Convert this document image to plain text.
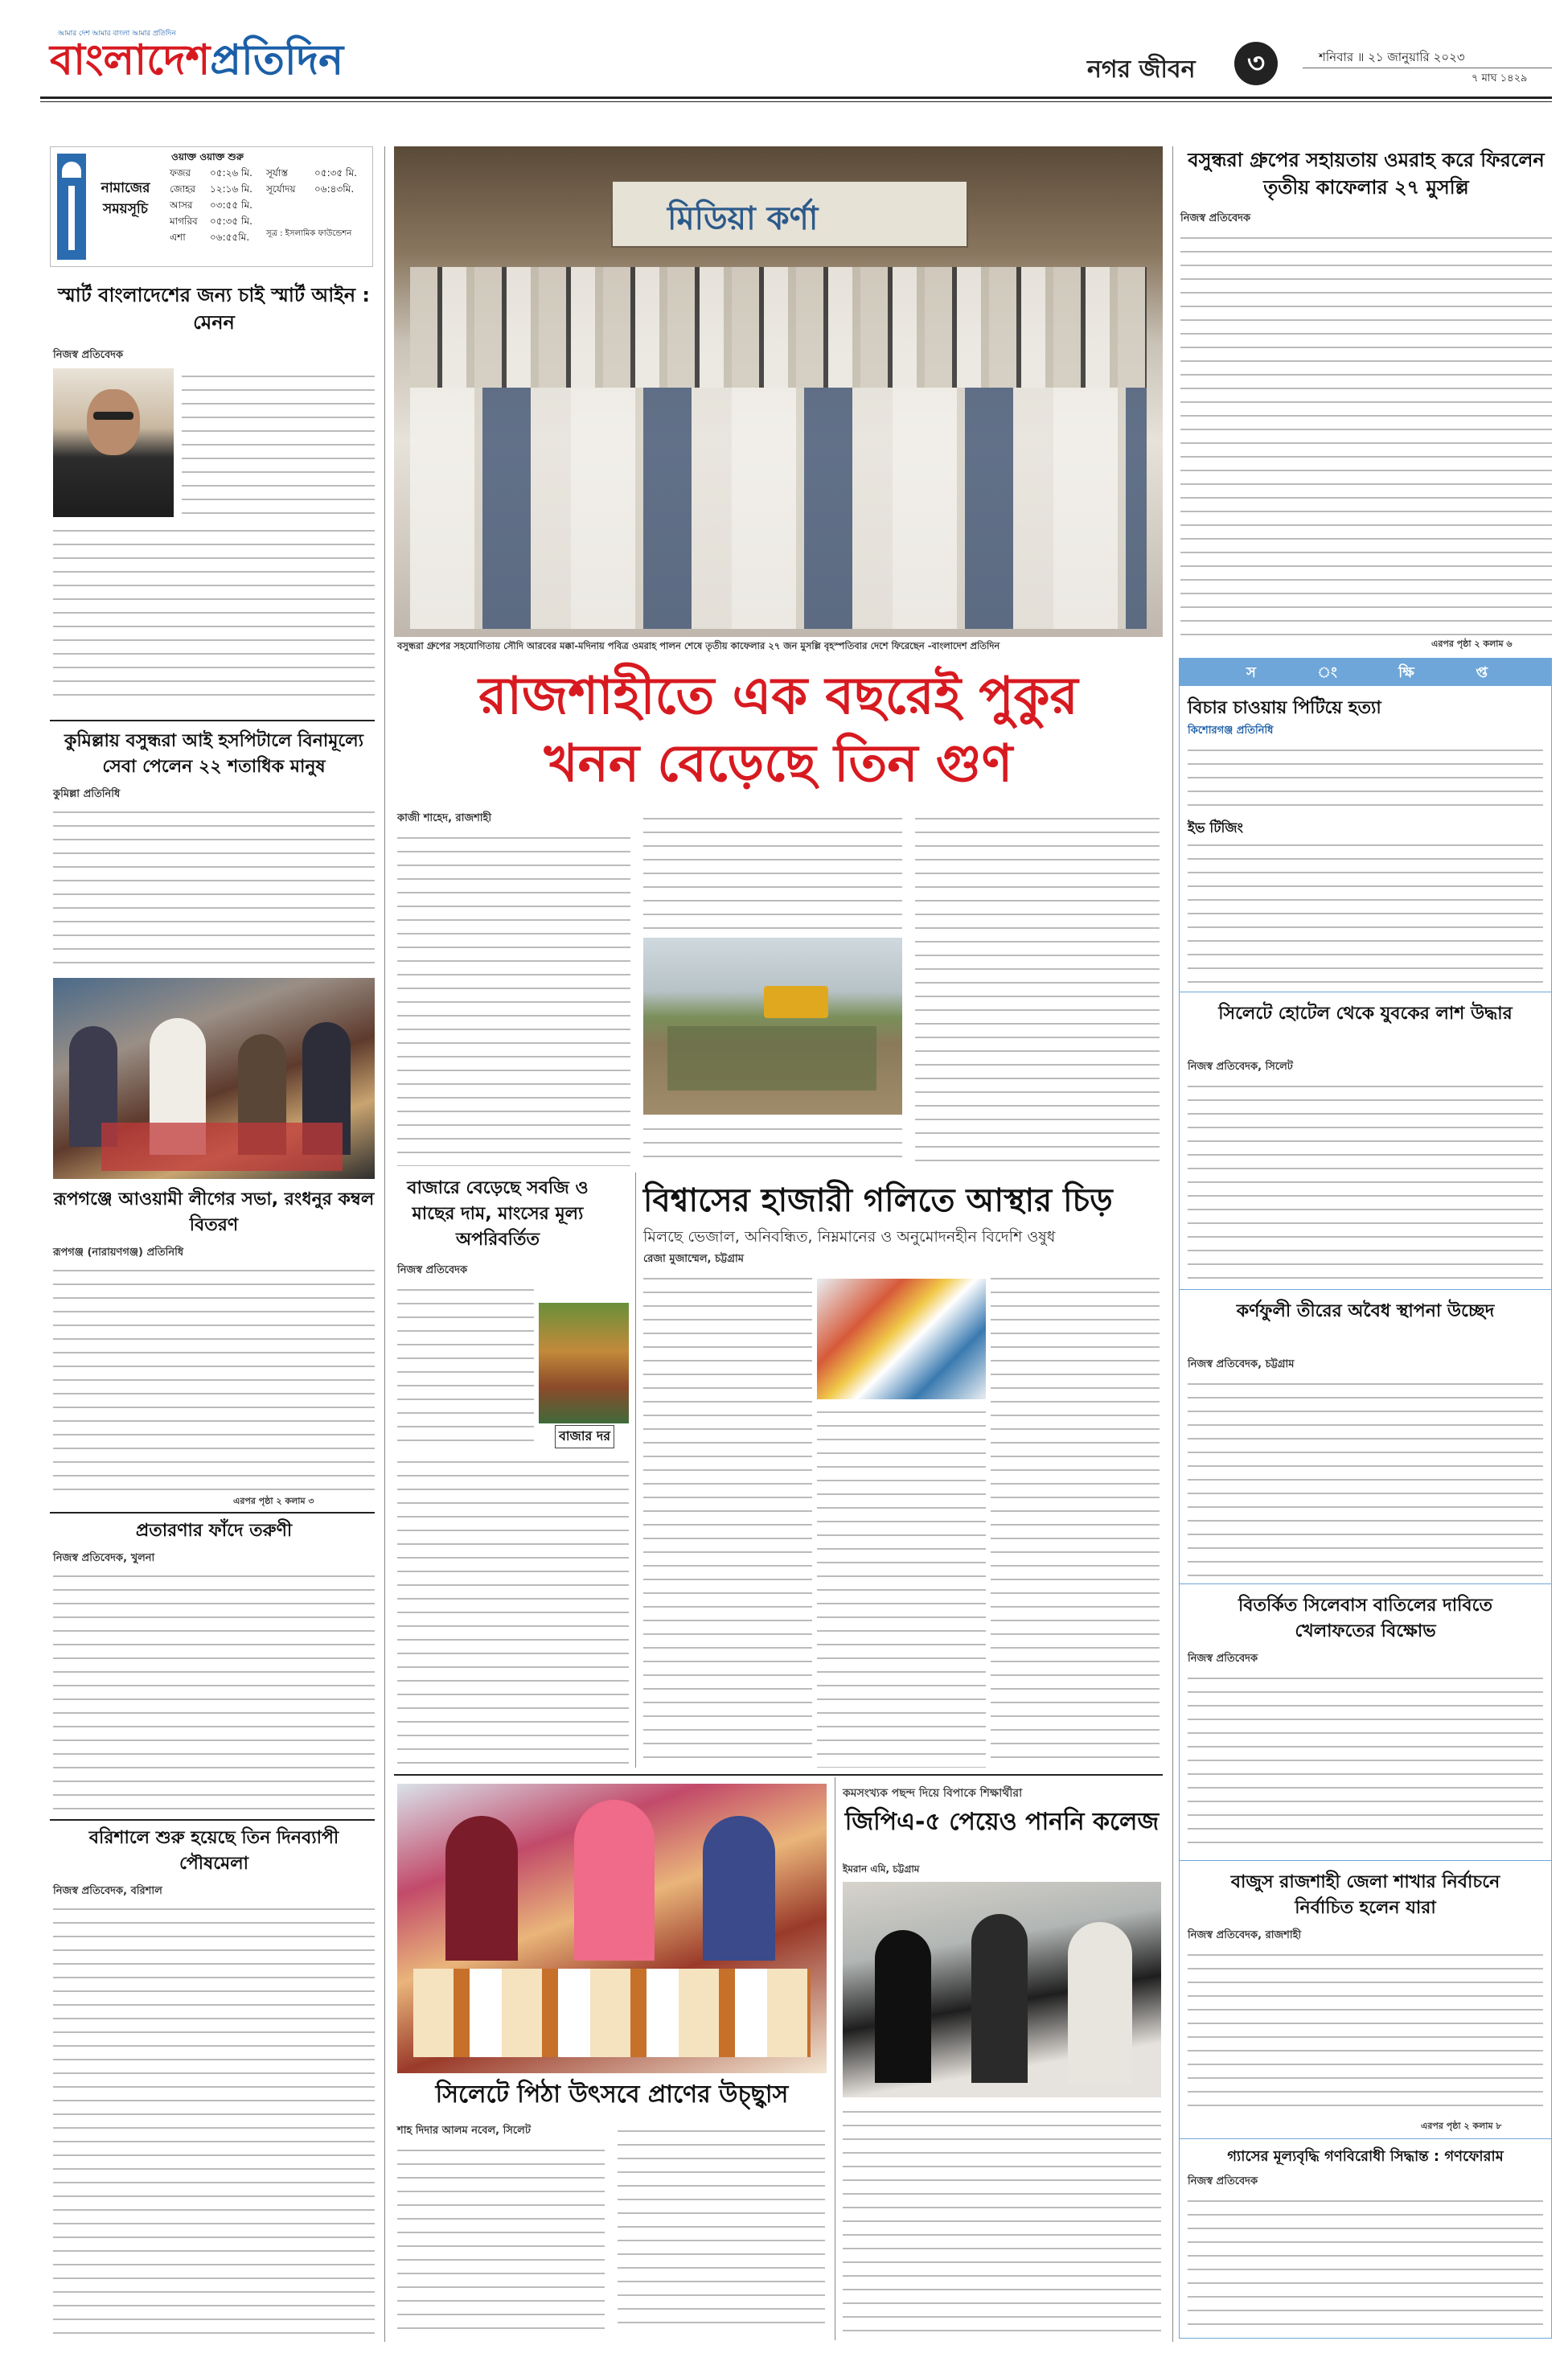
আমার দেশ আমার বাংলা আমার প্রতিদিন
বাংলাদেশপ্রতিদিন	নগর জীবন	৩	শনিবার ॥ ২১ জানুয়ারি ২০২৩
৭ মাঘ ১৪২৯
নামাজের
সময়সূচি
ওয়াক্ত ওয়াক্ত শুরু
ফজর ০৫:২৬ মি. সূর্যাস্ত	০৫:৩৫ মি.
জোহর ১২:১৬ মি. সূর্যোদয় ০৬:৪৩মি.
আসর ০৩:৫৫ মি.
মাগরিব ০৫:৩৫ মি.
এশা	০৬:৫৫মি. সূত্র : ইসলামিক ফাউন্ডেশন
স্মার্ট বাংলাদেশের জন্য চাই স্মার্ট আইন : মেনন
নিজস্ব প্রতিবেদক
কুমিল্লায় বসুন্ধরা আই হসপিটালে বিনামূল্যে সেবা পেলেন ২২ শতাধিক মানুষ
কুমিল্লা প্রতিনিধি
রূপগঞ্জে আওয়ামী লীগের সভা, রংধনুর কম্বল বিতরণ
রূপগঞ্জ (নারায়ণগঞ্জ) প্রতিনিধি
এরপর পৃষ্ঠা ২ কলাম ৩
প্রতারণার ফাঁদে তরুণী
নিজস্ব প্রতিবেদক, খুলনা
বরিশালে শুরু হয়েছে তিন দিনব্যাপী পৌষমেলা
নিজস্ব প্রতিবেদক, বরিশাল
মিডিয়া কর্ণা
বসুন্ধরা গ্রুপের সহযোগিতায় সৌদি আরবের মক্কা-মদিনায় পবিত্র ওমরাহ পালন শেষে তৃতীয় কাফেলার ২৭ জন মুসল্লি বৃহস্পতিবার দেশে ফিরেছেন -বাংলাদেশ প্রতিদিন
বসুন্ধরা গ্রুপের সহায়তায় ওমরাহ করে ফিরলেন তৃতীয় কাফেলার ২৭ মুসল্লি
নিজস্ব প্রতিবেদক
এরপর পৃষ্ঠা ২ কলাম ৬
স	ং	ক্ষি	প্ত
বিচার চাওয়ায় পিটিয়ে হত্যা
কিশোরগঞ্জ প্রতিনিধি
ইভ টিজিং
সিলেটে হোটেল থেকে যুবকের লাশ উদ্ধার
নিজস্ব প্রতিবেদক, সিলেট
কর্ণফুলী তীরের অবৈধ স্থাপনা উচ্ছেদ
নিজস্ব প্রতিবেদক, চট্টগ্রাম
বিতর্কিত সিলেবাস বাতিলের দাবিতে খেলাফতের বিক্ষোভ
নিজস্ব প্রতিবেদক
বাজুস রাজশাহী জেলা শাখার নির্বাচনে নির্বাচিত হলেন যারা
নিজস্ব প্রতিবেদক, রাজশাহী
এরপর পৃষ্ঠা ২ কলাম ৮
গ্যাসের মূল্যবৃদ্ধি গণবিরোধী সিদ্ধান্ত : গণফোরাম
নিজস্ব প্রতিবেদক
রাজশাহীতে এক বছরেই পুকুর
খনন বেড়েছে তিন গুণ
কাজী শাহেদ, রাজশাহী
বাজারে বেড়েছে সবজি ও মাছের দাম, মাংসের মূল্য অপরিবর্তিত
নিজস্ব প্রতিবেদক
বাজার দর
বিশ্বাসের হাজারী গলিতে আস্থার চিড়
মিলছে ভেজাল, অনিবন্ধিত, নিম্নমানের ও অনুমোদনহীন বিদেশি ওষুধ
রেজা মুজাম্মেল, চট্টগ্রাম
সিলেটে পিঠা উৎসবে প্রাণের উচ্ছ্বাস
শাহ দিদার আলম নবেল, সিলেট
কমসংখ্যক পছন্দ দিয়ে বিপাকে শিক্ষার্থীরা
জিপিএ-৫ পেয়েও পাননি কলেজ
ইমরান এমি, চট্টগ্রাম
